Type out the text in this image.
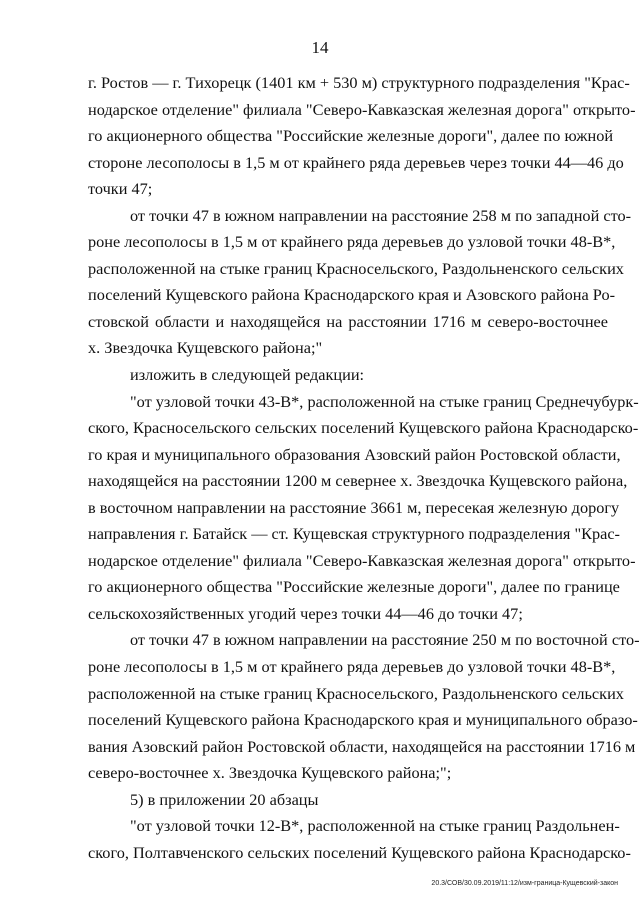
14
г. Ростов — г. Тихорецк (1401 км + 530 м) структурного подразделения "Крас-
нодарское отделение" филиала "Северо-Кавказская железная дорога" открыто-
го акционерного общества "Российские железные дороги", далее по южной
стороне лесополосы в 1,5 м от крайнего ряда деревьев через точки 44—46 до
точки 47;
от точки 47 в южном направлении на расстояние 258 м по западной сто-
роне лесополосы в 1,5 м от крайнего ряда деревьев до узловой точки 48-В*,
расположенной на стыке границ Красносельского, Раздольненского сельских
поселений Кущевского района Краснодарского края и Азовского района Ро-
стовской области и находящейся на расстоянии 1716 м северо-восточнее
х. Звездочка Кущевского района;"
изложить в следующей редакции:
"от узловой точки 43-В*, расположенной на стыке границ Среднечубурк-
ского, Красносельского сельских поселений Кущевского района Краснодарско-
го края и муниципального образования Азовский район Ростовской области,
находящейся на расстоянии 1200 м севернее х. Звездочка Кущевского района,
в восточном направлении на расстояние 3661 м, пересекая железную дорогу
направления г. Батайск — ст. Кущевская структурного подразделения "Крас-
нодарское отделение" филиала "Северо-Кавказская железная дорога" открыто-
го акционерного общества "Российские железные дороги", далее по границе
сельскохозяйственных угодий через точки 44—46 до точки 47;
от точки 47 в южном направлении на расстояние 250 м по восточной сто-
роне лесополосы в 1,5 м от крайнего ряда деревьев до узловой точки 48-В*,
расположенной на стыке границ Красносельского, Раздольненского сельских
поселений Кущевского района Краснодарского края и муниципального образо-
вания Азовский район Ростовской области, находящейся на расстоянии 1716 м
северо-восточнее х. Звездочка Кущевского района;";
5) в приложении 20 абзацы
"от узловой точки 12-В*, расположенной на стыке границ Раздольнен-
ского, Полтавченского сельских поселений Кущевского района Краснодарско-
20.3/СОВ/30.09.2019/11:12/изм-граница-Кущевский-закон
